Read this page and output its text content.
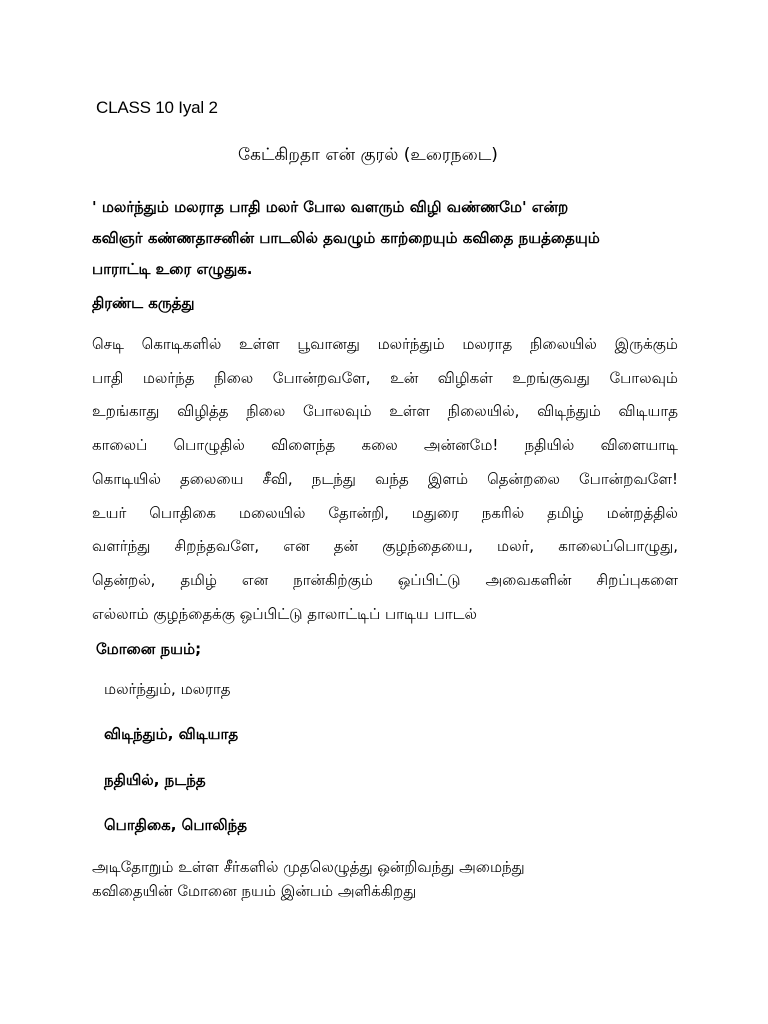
CLASS 10 Iyal 2
கேட்கிறதா என் குரல் (உரைநடை)
' மலர்ந்தும் மலராத பாதி மலர் போல வளரும் விழி வண்ணமே' என்ற
கவிஞர் கண்ணதாசனின் பாடலில் தவழும் காற்றையும் கவிதை நயத்தையும்
பாராட்டி உரை எழுதுக.
திரண்ட கருத்து
செடி கொடிகளில் உள்ள பூவானது மலர்ந்தும் மலராத நிலையில் இருக்கும்
பாதி மலர்ந்த நிலை போன்றவளே, உன் விழிகள் உறங்குவது போலவும்
உறங்காது விழித்த நிலை போலவும் உள்ள நிலையில், விடிந்தும் விடியாத
காலைப் பொழுதில் விளைந்த கலை அன்னமே! நதியில் விளையாடி
கொடியில் தலையை சீவி, நடந்து வந்த இளம் தென்றலை போன்றவளே!
உயர் பொதிகை மலையில் தோன்றி, மதுரை நகரில் தமிழ் மன்றத்தில்
வளர்ந்து சிறந்தவளே, என தன் குழந்தையை, மலர், காலைப்பொழுது,
தென்றல், தமிழ் என நான்கிற்கும் ஒப்பிட்டு அவைகளின் சிறப்புகளை
எல்லாம் குழந்தைக்கு ஒப்பிட்டு தாலாட்டிப் பாடிய பாடல்
மோனை நயம்;
மலர்ந்தும், மலராத
விடிந்தும், விடியாத
நதியில், நடந்த
பொதிகை, பொலிந்த
அடிதோறும் உள்ள சீர்களில் முதலெழுத்து ஒன்றிவந்து அமைந்து
கவிதையின் மோனை நயம் இன்பம் அளிக்கிறது
